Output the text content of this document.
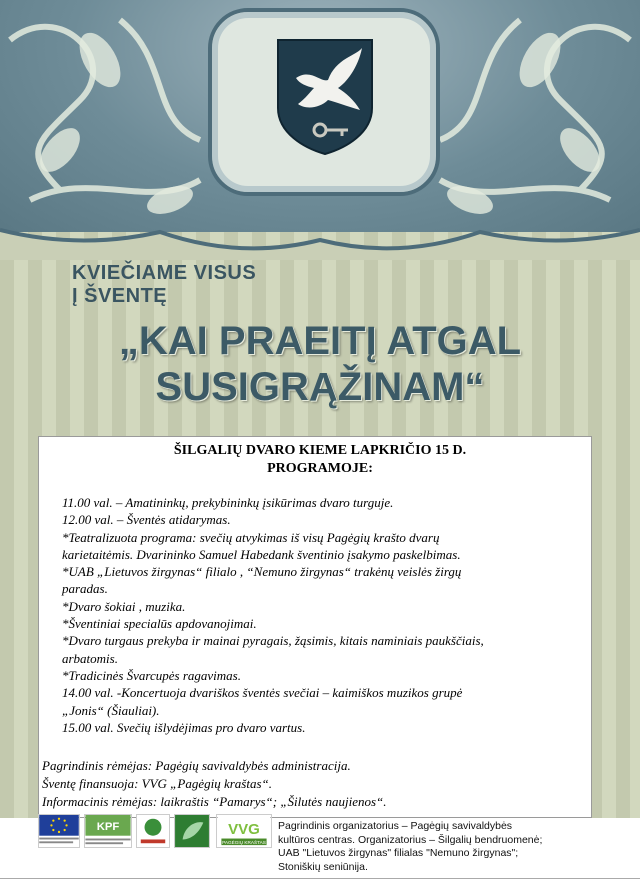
KVIEČIAME VISUS
Į ŠVENTĘ
„KAI PRAEITĮ ATGAL
SUSIGRĄŽINAM“
ŠILGALIŲ DVARO KIEME LAPKRIČIO 15 D.
PROGRAMOJE:
11.00 val. – Amatininkų, prekybininkų įsikūrimas dvaro turguje.
12.00 val. – Šventės atidarymas.
*Teatralizuota programa: svečių atvykimas iš visų Pagėgių krašto dvarų
karietaitėmis. Dvarininko Samuel Habedank šventinio įsakymo paskelbimas.
*UAB „Lietuvos žirgynas“ filialo , “Nemuno žirgynas“ trakėnų veislės žirgų
paradas.
*Dvaro šokiai , muzika.
*Šventiniai specialūs apdovanojimai.
*Dvaro turgaus prekyba ir mainai pyragais, žąsimis, kitais naminiais paukščiais,
arbatomis.
*Tradicinės Švarcupės ragavimas.
14.00 val. -Koncertuoja dvariškos šventės svečiai – kaimiškos muzikos grupė
„Jonis“ (Šiauliai).
15.00 val. Svečių išlydėjimas pro dvaro vartus.
Pagrindinis rėmėjas: Pagėgių savivaldybės administracija.
Šventę finansuoja: VVG „Pagėgių kraštas“.
Informacinis rėmėjas: laikraštis “Pamarys“; „Šilutės naujienos“.
KPF	VVG
PAGĖGIŲ KRAŠTAS
Pagrindinis organizatorius – Pagėgių savivaldybės
kultūros centras. Organizatorius – Šilgalių bendruomenė;
UAB "Lietuvos žirgynas" filialas "Nemuno žirgynas";
Stoniškių seniūnija.
